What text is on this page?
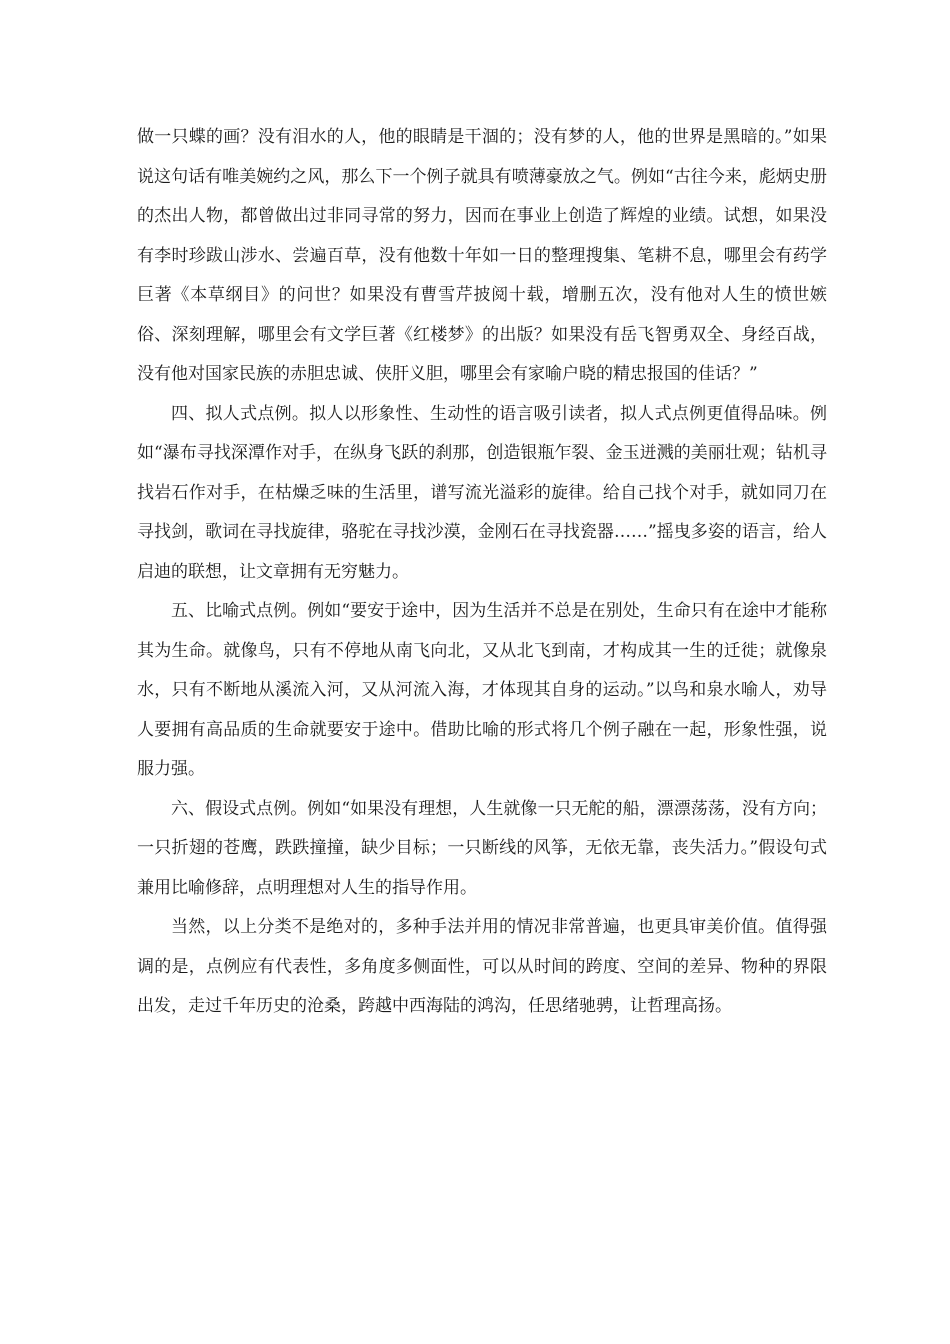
做一只蝶的画？没有泪水的人，他的眼睛是干涸的；没有梦的人，他的世界是黑暗的。”如果说这句话有唯美婉约之风，那么下一个例子就具有喷薄豪放之气。例如“古往今来，彪炳史册的杰出人物，都曾做出过非同寻常的努力，因而在事业上创造了辉煌的业绩。试想，如果没有李时珍跋山涉水、尝遍百草，没有他数十年如一日的整理搜集、笔耕不息，哪里会有药学巨著《本草纲目》的问世？如果没有曹雪芹披阅十载，增删五次，没有他对人生的愤世嫉俗、深刻理解，哪里会有文学巨著《红楼梦》的出版？如果没有岳飞智勇双全、身经百战，没有他对国家民族的赤胆忠诚、侠肝义胆，哪里会有家喻户晓的精忠报国的佳话？”

四、拟人式点例。拟人以形象性、生动性的语言吸引读者，拟人式点例更值得品味。例如“瀑布寻找深潭作对手，在纵身飞跃的刹那，创造银瓶乍裂、金玉迸溅的美丽壮观；钻机寻找岩石作对手，在枯燥乏味的生活里，谱写流光溢彩的旋律。给自己找个对手，就如同刀在寻找剑，歌词在寻找旋律，骆驼在寻找沙漠，金刚石在寻找瓷器……”摇曳多姿的语言，给人启迪的联想，让文章拥有无穷魅力。

五、比喻式点例。例如“要安于途中，因为生活并不总是在别处，生命只有在途中才能称其为生命。就像鸟，只有不停地从南飞向北，又从北飞到南，才构成其一生的迁徙；就像泉水，只有不断地从溪流入河，又从河流入海，才体现其自身的运动。”以鸟和泉水喻人，劝导人要拥有高品质的生命就要安于途中。借助比喻的形式将几个例子融在一起，形象性强，说服力强。

六、假设式点例。例如“如果没有理想，人生就像一只无舵的船，漂漂荡荡，没有方向；一只折翅的苍鹰，跌跌撞撞，缺少目标；一只断线的风筝，无依无靠，丧失活力。”假设句式兼用比喻修辞，点明理想对人生的指导作用。

当然，以上分类不是绝对的，多种手法并用的情况非常普遍，也更具审美价值。值得强调的是，点例应有代表性，多角度多侧面性，可以从时间的跨度、空间的差异、物种的界限出发，走过千年历史的沧桑，跨越中西海陆的鸿沟，任思绪驰骋，让哲理高扬。
